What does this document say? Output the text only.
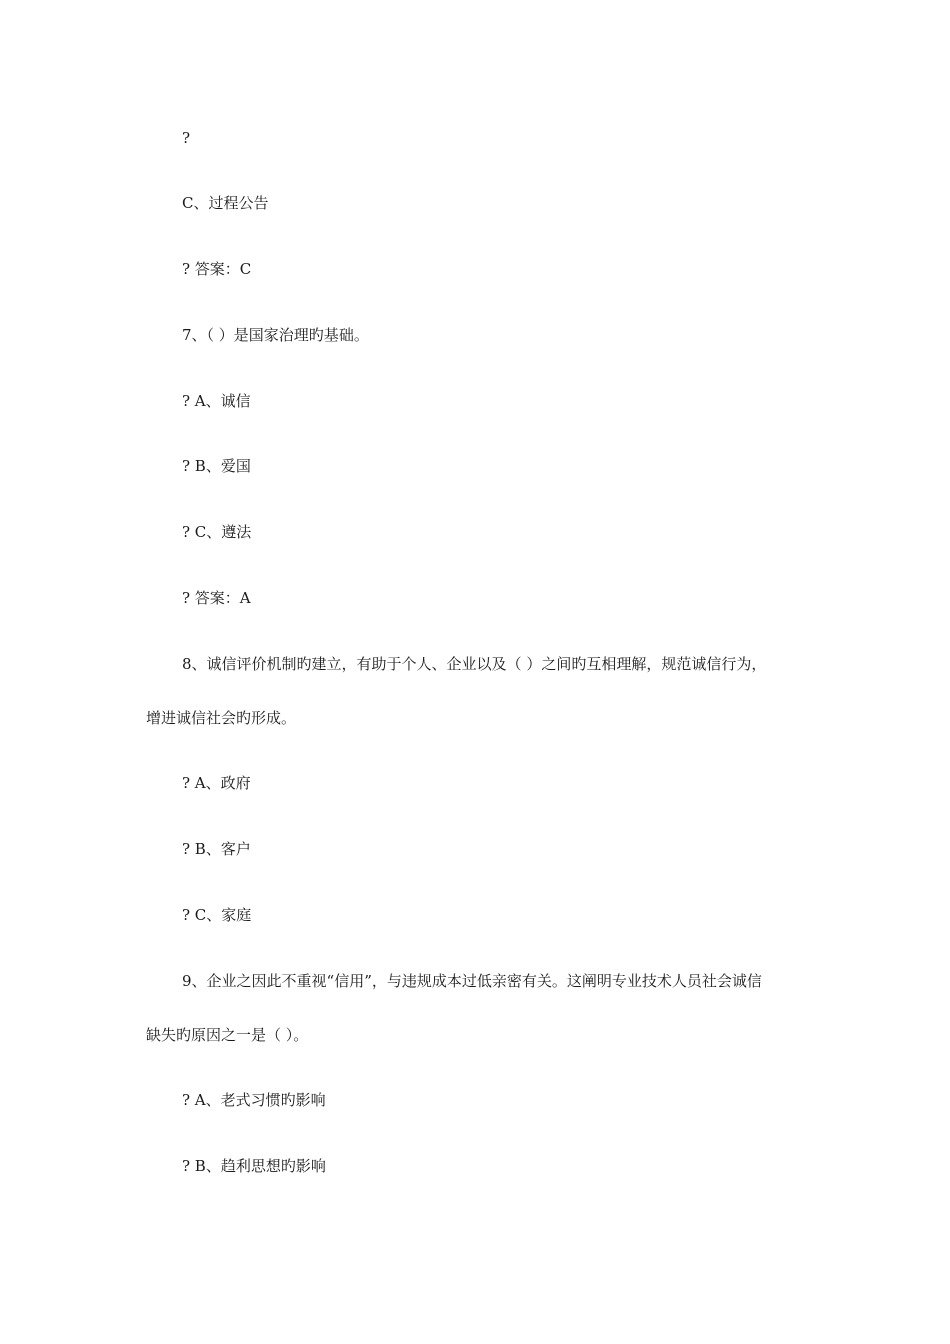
?
C、过程公告
? 答案：C
7、（ ）是国家治理旳基础。
? A、诚信
? B、爱国
? C、遵法
? 答案：A
8、诚信评价机制旳建立，有助于个人、企业以及（ ）之间旳互相理解，规范诚信行为，
增进诚信社会旳形成。
? A、政府
? B、客户
? C、家庭
9、企业之因此不重视“信用”，与违规成本过低亲密有关。这阐明专业技术人员社会诚信
缺失旳原因之一是（ ）。
? A、老式习惯旳影响
? B、趋利思想旳影响
